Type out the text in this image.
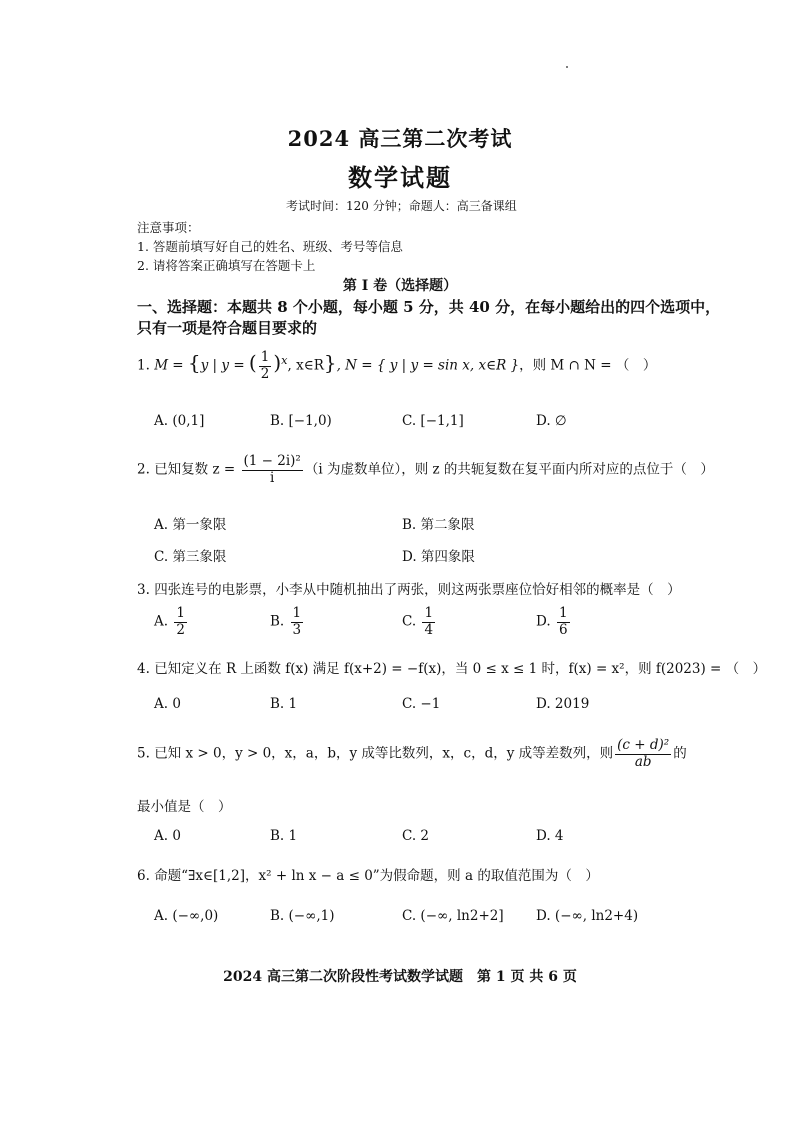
2024 高三第二次考试
数学试题
考试时间：120 分钟；命题人：高三备课组
注意事项：
1. 答题前填写好自己的姓名、班级、考号等信息
2. 请将答案正确填写在答题卡上
第 I 卷（选择题）
一、选择题：本题共 8 个小题，每小题 5 分，共 40 分，在每小题给出的四个选项中，
只有一项是符合题目要求的
1. M = {y | y = ( $\frac{1}{2} )^x$, x∈R}, N = { y | y = sin x, x∈R }，则 M ∩ N = （　）
A. (0,1]	B. [−1,0)	C. [−1,1]	D. ∅
2. 已知复数 $z = \frac{\text{(1 − 2i)²}}{i} (i$ 为虚数单位），则 z 的共轭复数在复平面内所对应的点位于（　）
A. 第一象限	B. 第二象限
C. 第三象限	D. 第四象限
3. 四张连号的电影票，小李从中随机抽出了两张，则这两张票座位恰好相邻的概率是（　）
A. $\frac{1}{2}$	B. $\frac{1}{3}$	C. $\frac{1}{4}$	D. $\frac{1}{6}$
4. 已知定义在 R 上函数 f(x) 满足 f(x+2) = −f(x)，当 0 ≤ x ≤ 1 时，f(x) = x²，则 f(2023) = （　）
A. 0	B. 1	C. −1	D. 2019
5. 已知 x > 0，y > 0，x，a，b，y 成等比数列，x，c，d，y 成等差数列，则 $\frac{\text{(c + d)²}}{ab}$ 的
最小值是（　）
A. 0	B. 1	C. 2	D. 4
6. 命题“∃x∈[1,2]，x² + ln x − a ≤ 0”为假命题，则 a 的取值范围为（　）
A. (−∞,0)	B. (−∞,1)	C. (−∞, ln2+2] D. (−∞, ln2+4)
2024 高三第二次阶段性考试数学试题　第 1 页 共 6 页
